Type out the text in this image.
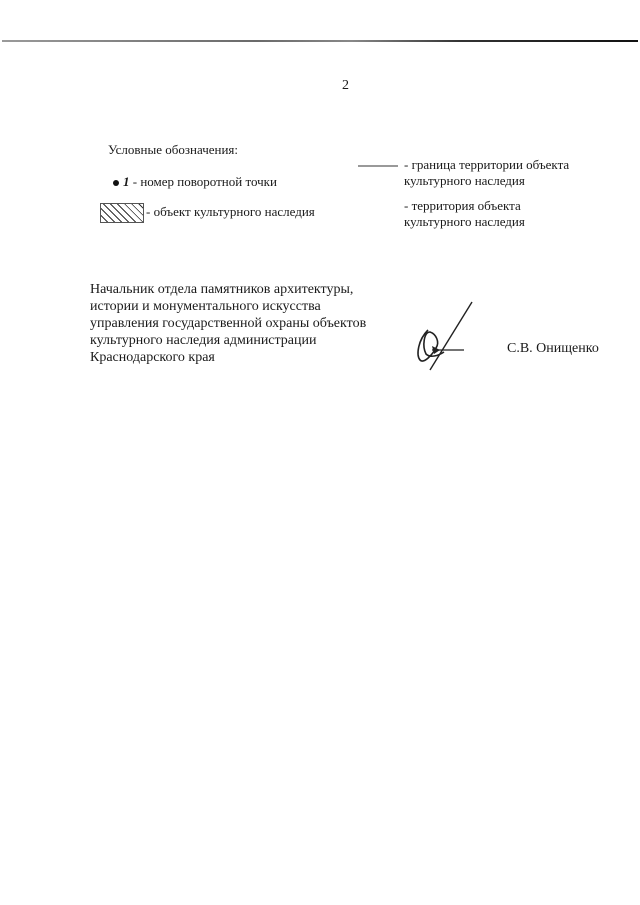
2
Условные обозначения:
1 - номер поворотной точки
- объект культурного наследия
- граница территории объекта
культурного наследия
- территория объекта
культурного наследия
Начальник отдела памятников архитектуры,
истории и монументального искусства
управления государственной охраны объектов
культурного наследия администрации
Краснодарского края
С.В. Онищенко
